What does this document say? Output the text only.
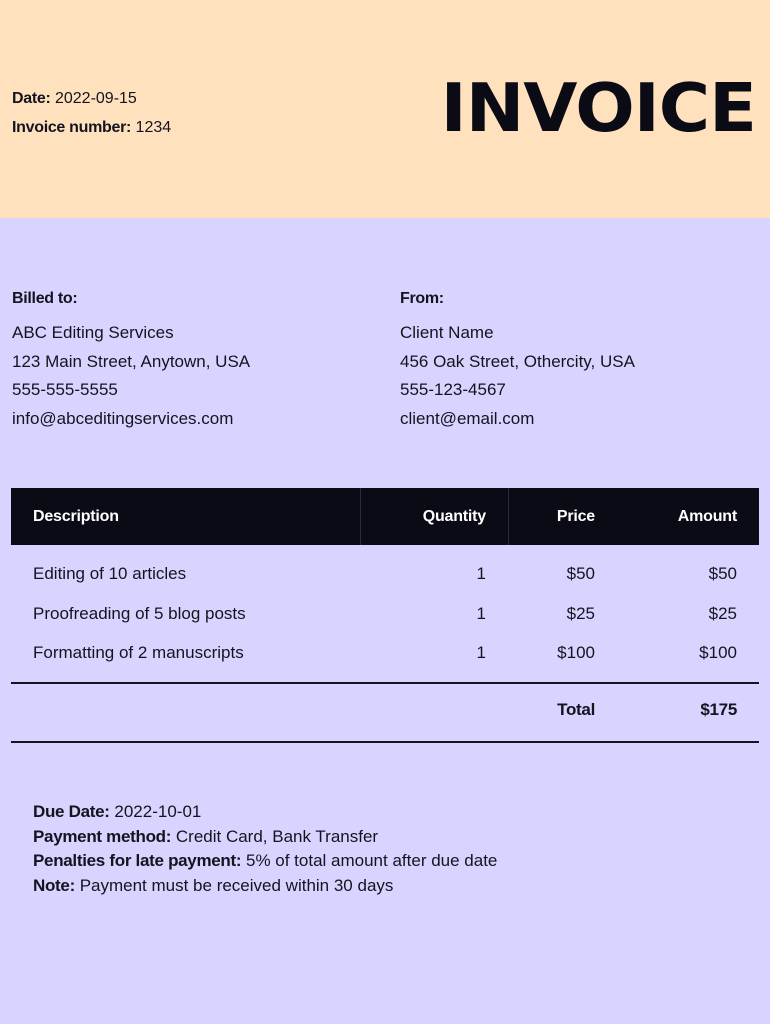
Date: 2022-09-15
Invoice number: 1234	INVOICE
Billed to:
ABC Editing Services
123 Main Street, Anytown, USA
555-555-5555
info@abceditingservices.com
From:
Client Name
456 Oak Street, Othercity, USA
555-123-4567
client@email.com
Description	Quantity	Price	Amount
Editing of 10 articles	1	$50	$50
Proofreading of 5 blog posts	1	$25	$25
Formatting of 2 manuscripts	1	$100	$100
Total	$175
Due Date: 2022-10-01
Payment method: Credit Card, Bank Transfer
Penalties for late payment: 5% of total amount after due date
Note: Payment must be received within 30 days
